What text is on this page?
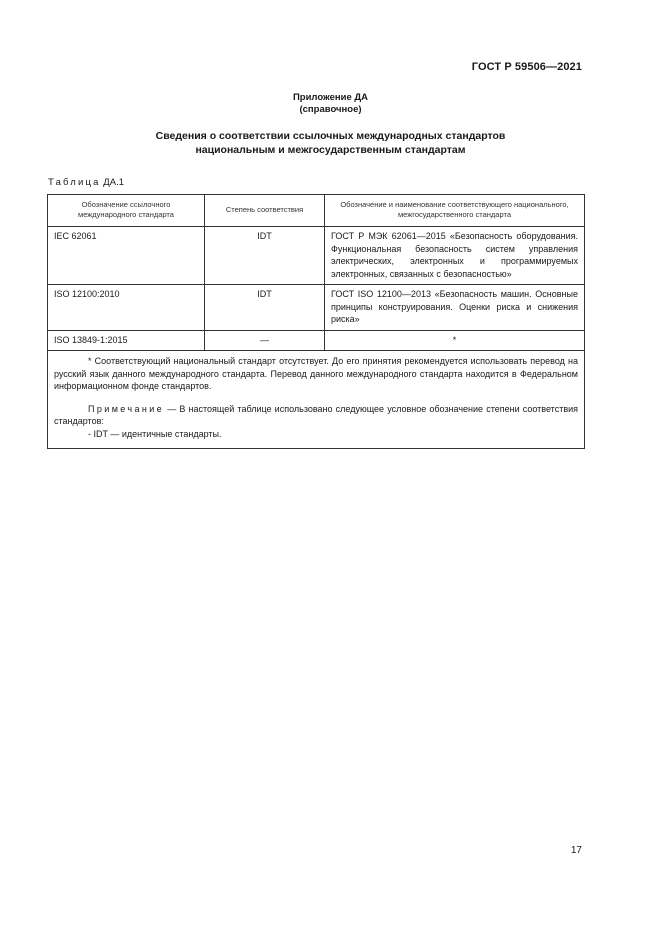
ГОСТ Р 59506—2021
Приложение ДА
(справочное)
Сведения о соответствии ссылочных международных стандартов
национальным и межгосударственным стандартам
Таблица ДА.1
Обозначение ссылочного международного стандарта	Степень соответствия	Обозначение и наименование соответствующего национального, межгосударственного стандарта
IEC 62061	IDT	ГОСТ Р МЭК 62061—2015 «Безопасность оборудования. Функциональная безопасность систем управления электрических, электронных и программируемых электронных, связанных с безопасностью»
ISO 12100:2010	IDT	ГОСТ ISO 12100—2013 «Безопасность машин. Основные принципы конструирования. Оценки риска и снижения риска»
ISO 13849-1:2015	—	*

* Соответствующий национальный стандарт отсутствует. До его принятия рекомендуется использовать перевод на русский язык данного международного стандарта. Перевод данного международного стандарта находится в Федеральном информационном фонде стандартов.

Примечание — В настоящей таблице использовано следующее условное обозначение степени соответствия стандартов:

- IDT — идентичные стандарты.		

17
